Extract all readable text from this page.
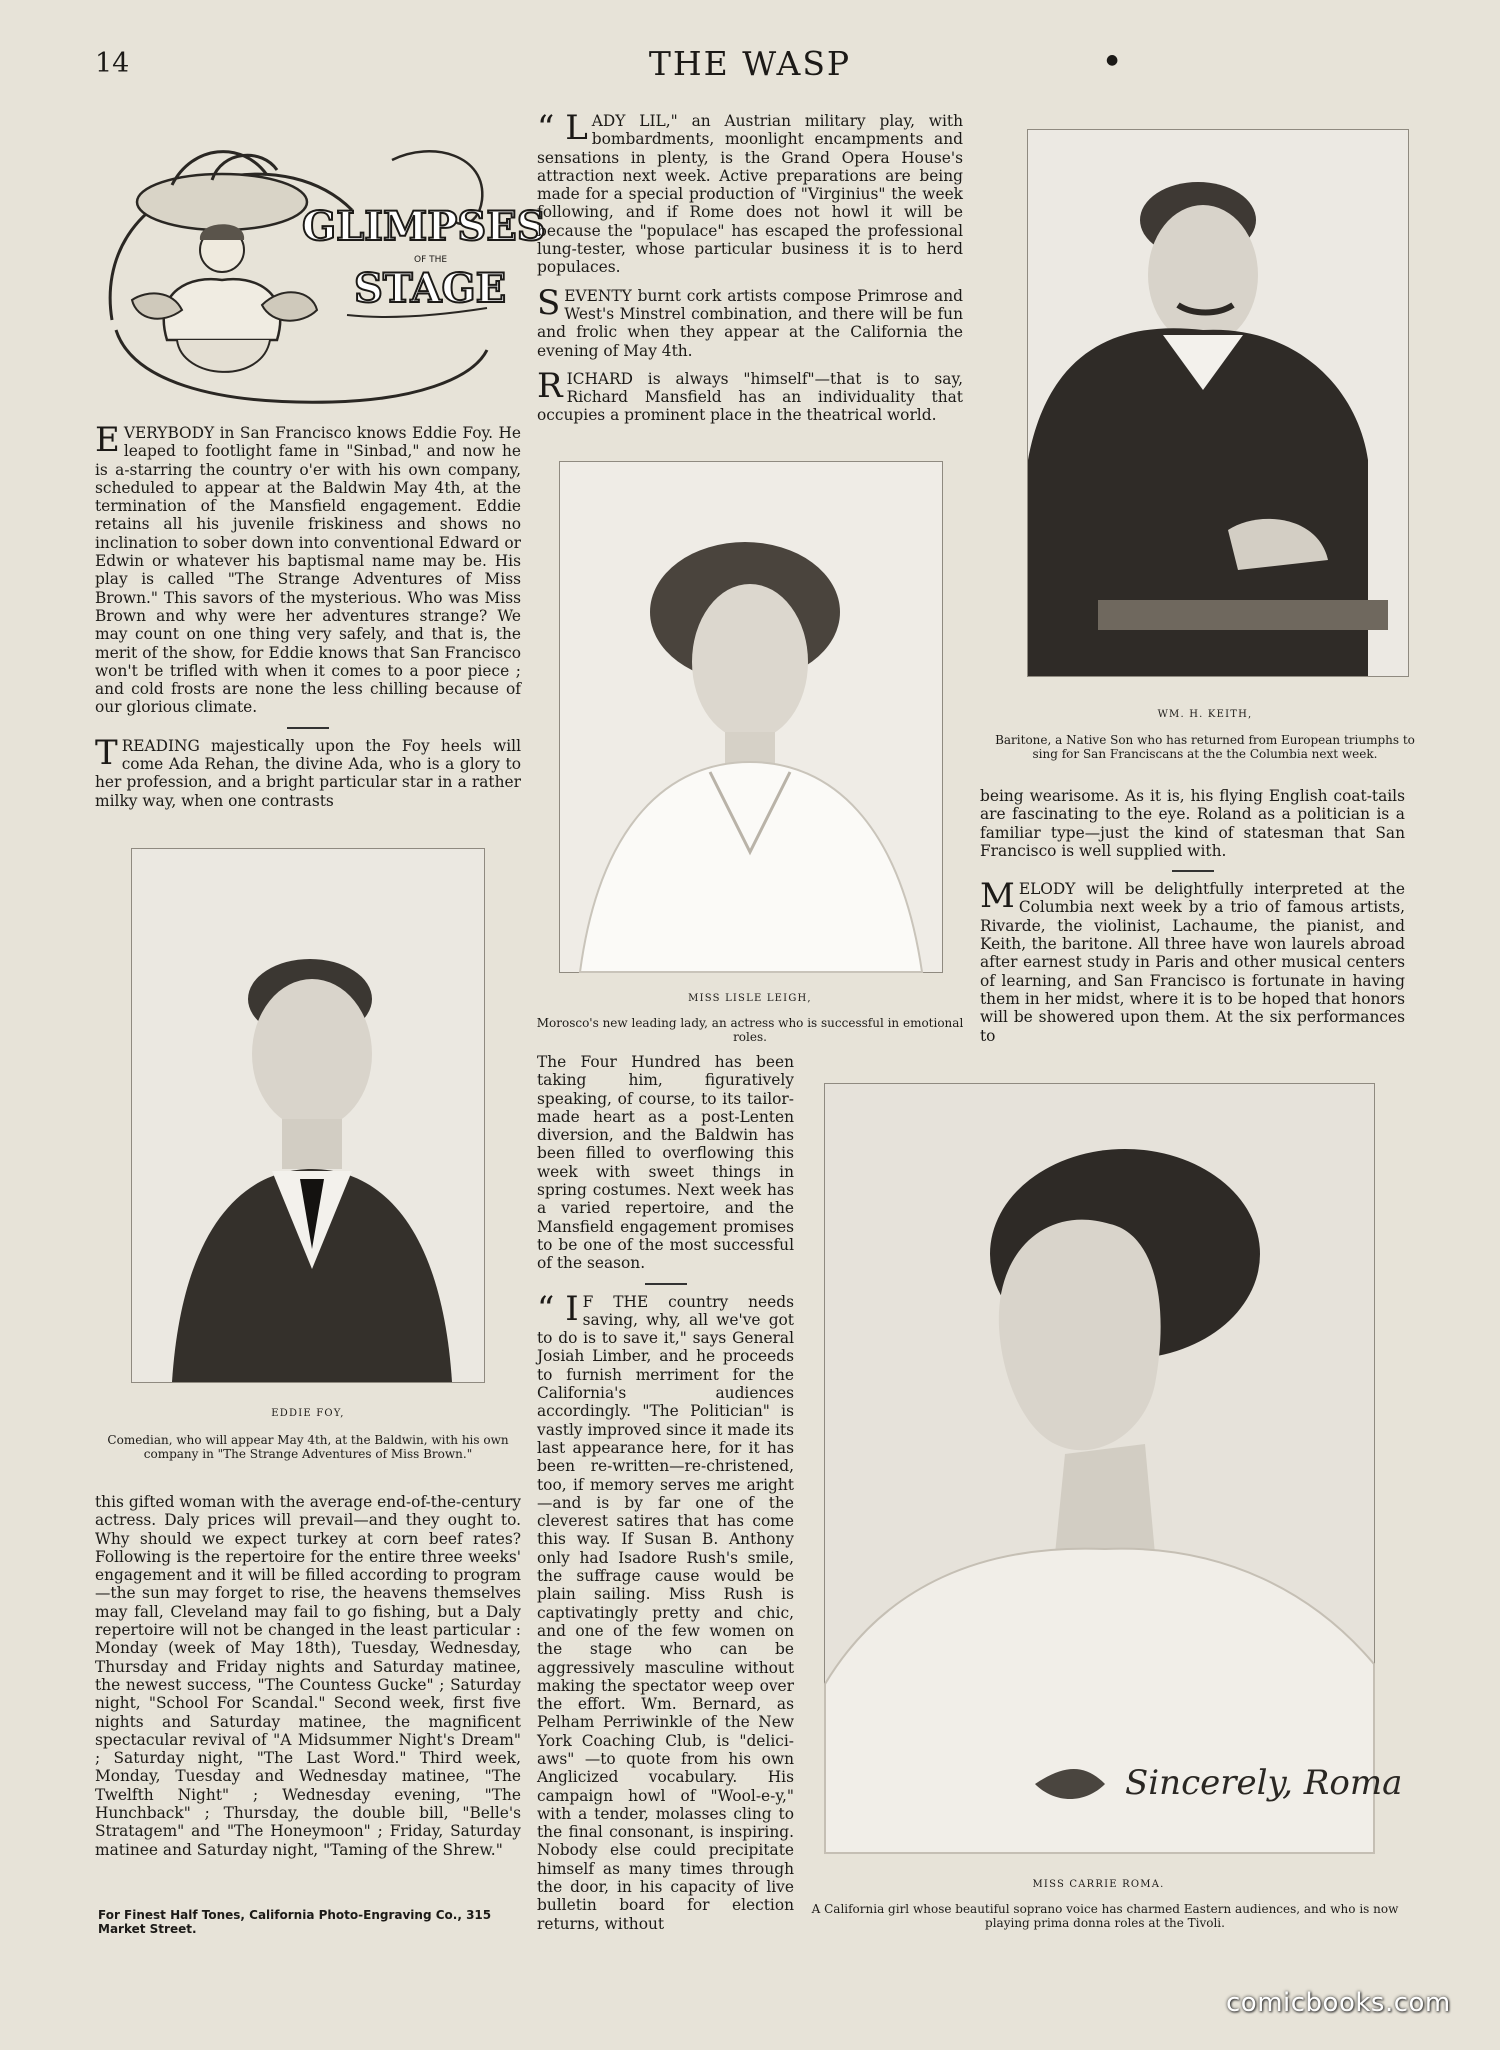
14	THE WASP	●
GLIMPSES
OF THE
STAGE

EVERYBODY in San Francisco knows Eddie Foy. He leaped to footlight fame in "Sinbad," and now he is a-starring the country o'er with his own company, scheduled to appear at the Baldwin May 4th, at the termination of the Mansfield engagement. Eddie retains all his juvenile friskiness and shows no inclination to sober down into conventional Edward or Edwin or whatever his baptismal name may be. His play is called "The Strange Adventures of Miss Brown." This savors of the mysterious. Who was Miss Brown and why were her adventures strange? We may count on one thing very safely, and that is, the merit of the show, for Eddie knows that San Francisco won't be trifled with when it comes to a poor piece ; and cold frosts are none the less chilling because of our glorious climate.

TREADING majestically upon the Foy heels will come Ada Rehan, the divine Ada, who is a glory to her profession, and a bright particular star in a rather milky way, when one contrasts

EDDIE FOY,
Comedian, who will appear May 4th, at the Baldwin, with his own company in "The Strange Adventures of Miss Brown."

this gifted woman with the average end-of-the-century actress. Daly prices will prevail—and they ought to. Why should we expect turkey at corn beef rates? Following is the repertoire for the entire three weeks' engagement and it will be filled according to program—the sun may forget to rise, the heavens themselves may fall, Cleveland may fail to go fishing, but a Daly repertoire will not be changed in the least particular : Monday (week of May 18th), Tuesday, Wednesday, Thursday and Friday nights and Saturday matinee, the newest success, "The Countess Gucke" ; Saturday night, "School For Scandal." Second week, first five nights and Saturday matinee, the magnificent spectacular revival of "A Midsummer Night's Dream" ; Saturday night, "The Last Word." Third week, Monday, Tuesday and Wednesday matinee, "The Twelfth Night" ; Wednesday evening, "The Hunchback" ; Thursday, the double bill, "Belle's Stratagem" and "The Honeymoon" ; Friday, Saturday matinee and Saturday night, "Taming of the Shrew."

For Finest Half Tones, California Photo-Engraving Co., 315 Market Street.

“ L ADY LIL," an Austrian military play, with bombardments, moonlight encampments and sensations in plenty, is the Grand Opera House's attraction next week. Active preparations are being made for a special production of "Virginius" the week following, and if Rome does not howl it will be because the "populace" has escaped the professional lung-tester, whose particular business it is to herd populaces.

SEVENTY burnt cork artists compose Primrose and West's Minstrel combination, and there will be fun and frolic when they appear at the California the evening of May 4th.

RICHARD is always "himself"—that is to say, Richard Mansfield has an individuality that occupies a prominent place in the theatrical world.

MISS LISLE LEIGH,
Morosco's new leading lady, an actress who is successful in emotional roles.

The Four Hundred has been taking him, figuratively speaking, of course, to its tailor-made heart as a post-Lenten diversion, and the Baldwin has been filled to overflowing this week with sweet things in spring costumes. Next week has a varied repertoire, and the Mansfield engagement promises to be one of the most successful of the season.

“ I F THE country needs saving, why, all we've got to do is to save it," says General Josiah Limber, and he proceeds to furnish merriment for the California's audiences accordingly. "The Politician" is vastly improved since it made its last appearance here, for it has been re-written—re-christened, too, if memory serves me aright—and is by far one of the cleverest satires that has come this way. If Susan B. Anthony only had Isadore Rush's smile, the suffrage cause would be plain sailing. Miss Rush is captivatingly pretty and chic, and one of the few women on the stage who can be aggressively masculine without making the spectator weep over the effort. Wm. Bernard, as Pelham Perriwinkle of the New York Coaching Club, is "delici-aws" —to quote from his own Anglicized vocabulary. His campaign howl of "Wool-e-y," with a tender, molasses cling to the final consonant, is inspiring. Nobody else could precipitate himself as many times through the door, in his capacity of live bulletin board for election returns, without

WM. H. KEITH,
Baritone, a Native Son who has returned from European triumphs to sing for San Franciscans at the the Columbia next week.

being wearisome. As it is, his flying English coat-tails are fascinating to the eye. Roland as a politician is a familiar type—just the kind of statesman that San Francisco is well supplied with.

MELODY will be delightfully interpreted at the Columbia next week by a trio of famous artists, Rivarde, the violinist, Lachaume, the pianist, and Keith, the baritone. All three have won laurels abroad after earnest study in Paris and other musical centers of learning, and San Francisco is fortunate in having them in her midst, where it is to be hoped that honors will be showered upon them. At the six performances to

Sincerely, Roma
MISS CARRIE ROMA.
A California girl whose beautiful soprano voice has charmed Eastern audiences, and who is now playing prima donna roles at the Tivoli.
comicbooks.com
